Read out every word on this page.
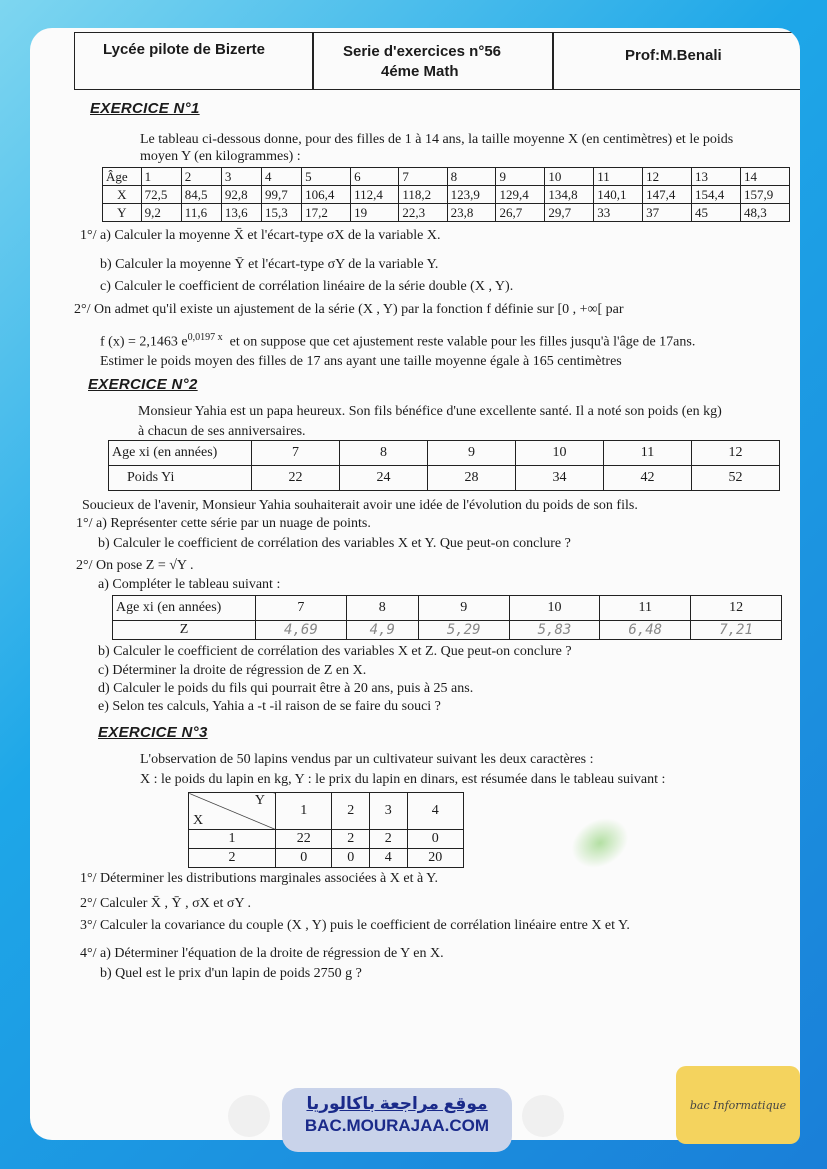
Lycée pilote de Bizerte	Serie d'exercices n°56
4éme Math
Prof:M.Benali
EXERCICE N°1
Le tableau ci-dessous donne, pour des filles de 1 à 14 ans, la taille moyenne X (en centimètres) et le poids
moyen Y (en kilogrammes) :
Âge	1	2	3	4	5	6	7	8	9	10	11	12	13	14
X	72,5	84,5	92,8	99,7	106,4	112,4	118,2	123,9	129,4	134,8	140,1	147,4	154,4	157,9
Y	9,2	11,6	13,6	15,3	17,2	19	22,3	23,8	26,7	29,7	33	37	45	48,3
1°/ a) Calculer la moyenne X̄ et l'écart-type σX de la variable X.
b) Calculer la moyenne Ȳ et l'écart-type σY de la variable Y.
c) Calculer le coefficient de corrélation linéaire de la série double (X , Y).
2°/ On admet qu'il existe un ajustement de la série (X , Y) par la fonction f définie sur [0 , +∞[ par
f (x) = 2,1463 $e^{0,0197 x}$ et on suppose que cet ajustement reste valable pour les filles jusqu'à l'âge de 17ans.
Estimer le poids moyen des filles de 17 ans ayant une taille moyenne égale à 165 centimètres
EXERCICE N°2
Monsieur Yahia est un papa heureux. Son fils bénéfice d'une excellente santé. Il a noté son poids (en kg)
à chacun de ses anniversaires.
Age xi (en années)	7	8	9	10	11	12
Poids Yi	22	24	28	34	42	52
Soucieux de l'avenir, Monsieur Yahia souhaiterait avoir une idée de l'évolution du poids de son fils.
1°/ a) Représenter cette série par un nuage de points.
b) Calculer le coefficient de corrélation des variables X et Y. Que peut-on conclure ?
2°/ On pose Z = √Y .
a) Compléter le tableau suivant :
Age xi (en années)	7	8	9	10	11	12
Z	4,69	4,9	5,29	5,83	6,48	7,21
b) Calculer le coefficient de corrélation des variables X et Z. Que peut-on conclure ?
c) Déterminer la droite de régression de Z en X.
d) Calculer le poids du fils qui pourrait être à 20 ans, puis à 25 ans.
e) Selon tes calculs, Yahia a -t -il raison de se faire du souci ?
EXERCICE N°3
L'observation de 50 lapins vendus par un cultivateur suivant les deux caractères :
X : le poids du lapin en kg, Y : le prix du lapin en dinars, est résumée dans le tableau suivant :
Y
X	1	2	3	4
1	22	2	2	0
2	0	0	4	20
1°/ Déterminer les distributions marginales associées à X et à Y.
2°/ Calculer X̄ , Ȳ , σX et σY .
3°/ Calculer la covariance du couple (X , Y) puis le coefficient de corrélation linéaire entre X et Y.
4°/ a) Déterminer l'équation de la droite de régression de Y en X.
b) Quel est le prix d'un lapin de poids 2750 g ?
موقع مراجعة باكالوريا
BAC.MOURAJAA.COM
bac Informatique
